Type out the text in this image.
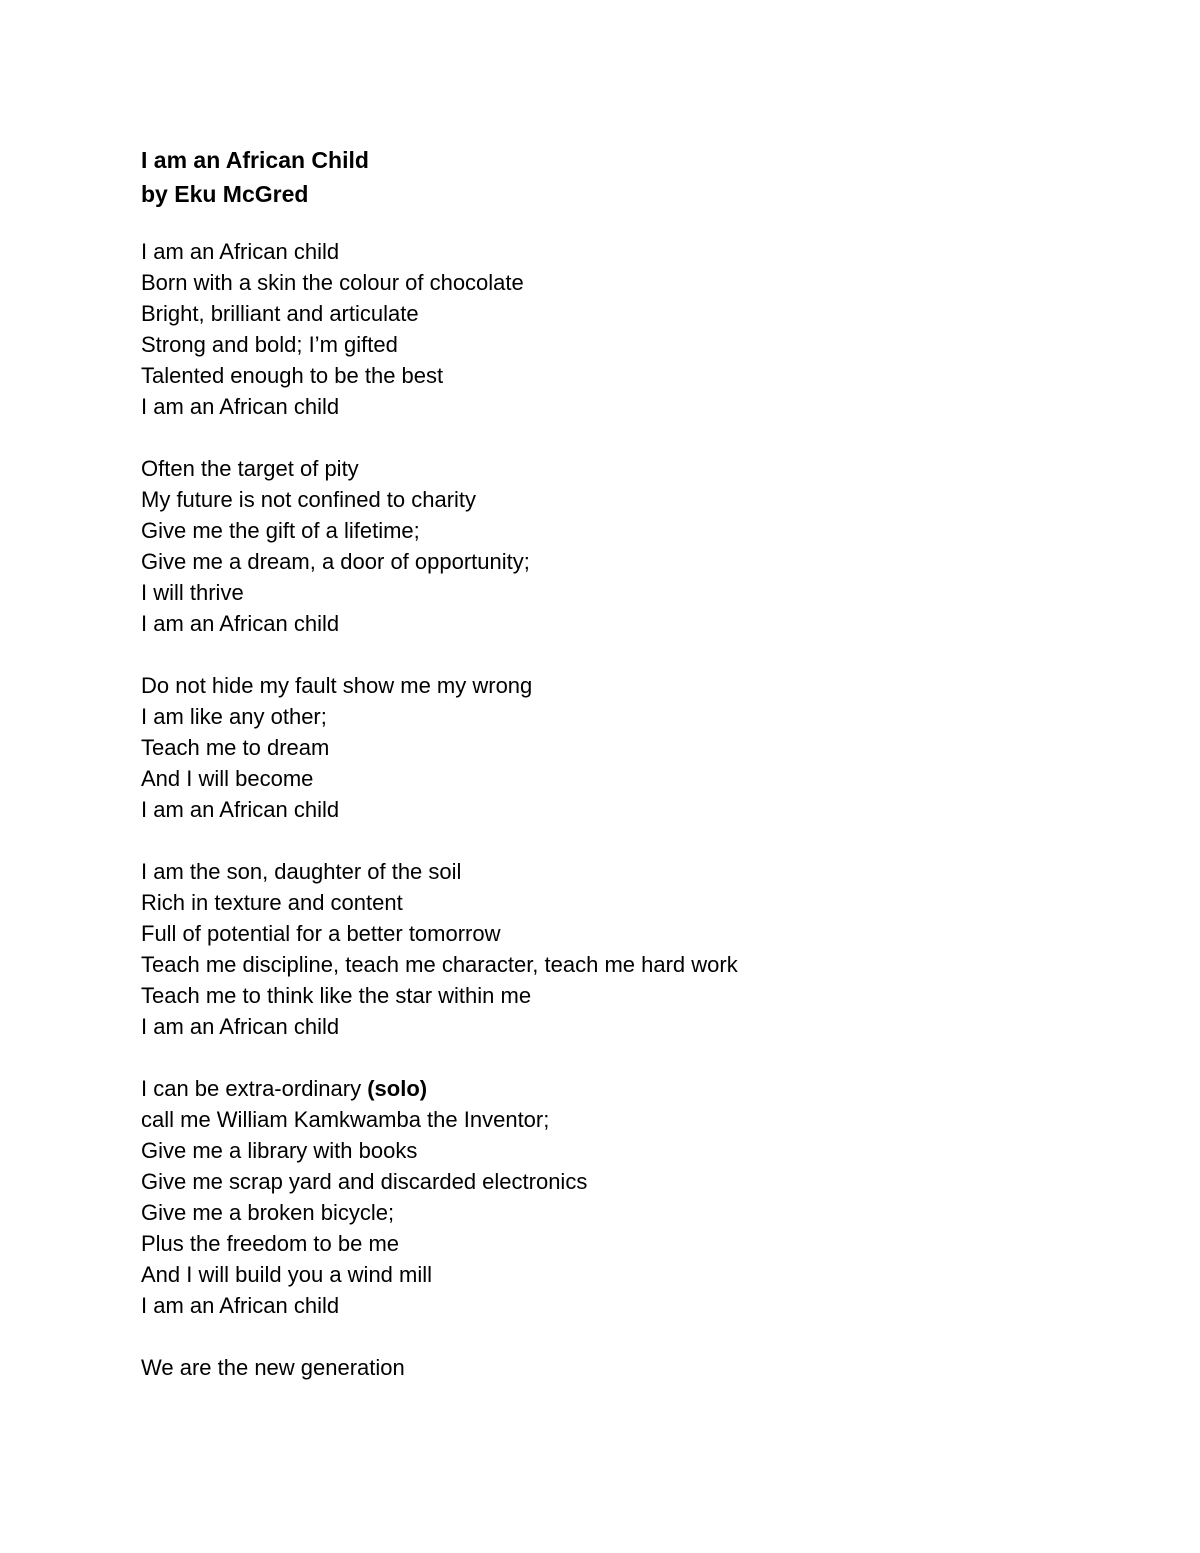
I am an African Child
by Eku McGred
I am an African child
Born with a skin the colour of chocolate
Bright, brilliant and articulate
Strong and bold; I’m gifted
Talented enough to be the best
I am an African child
Often the target of pity
My future is not confined to charity
Give me the gift of a lifetime;
Give me a dream, a door of opportunity;
I will thrive
I am an African child
Do not hide my fault show me my wrong
I am like any other;
Teach me to dream
And I will become
I am an African child
I am the son, daughter of the soil
Rich in texture and content
Full of potential for a better tomorrow
Teach me discipline, teach me character, teach me hard work
Teach me to think like the star within me
I am an African child
I can be extra-ordinary (solo)
call me William Kamkwamba the Inventor;
Give me a library with books
Give me scrap yard and discarded electronics
Give me a broken bicycle;
Plus the freedom to be me
And I will build you a wind mill
I am an African child
We are the new generation
